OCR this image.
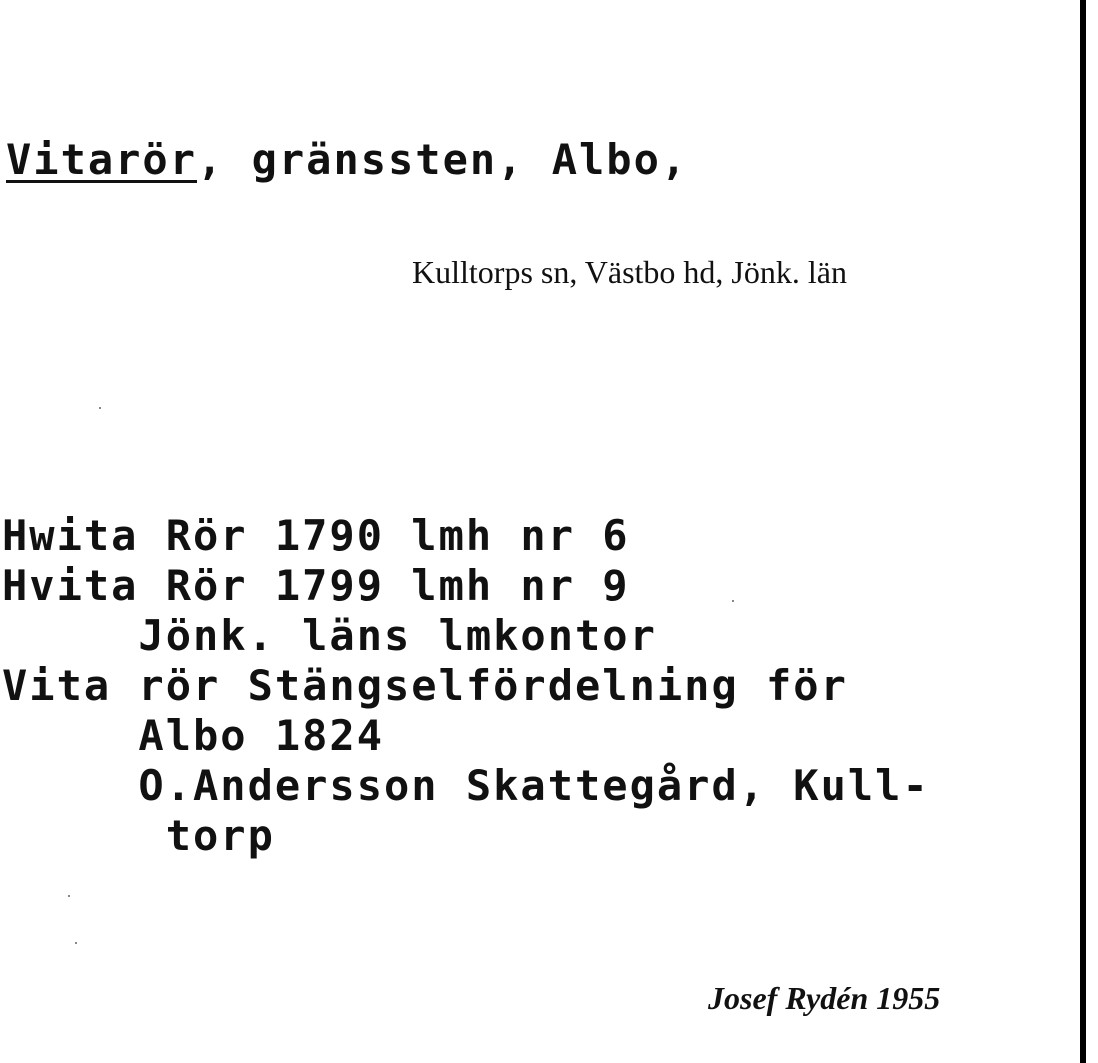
Vitarör, gränssten, Albo,
Kulltorps sn, Västbo hd, Jönk. län
Hwita Rör 1790 lmh nr 6
Hvita Rör 1799 lmh nr 9
Jönk. läns lmkontor
Vita rör Stängselfördelning för
Albo 1824
O.Andersson Skattegård, Kull-
torp
Josef Rydén 1955
